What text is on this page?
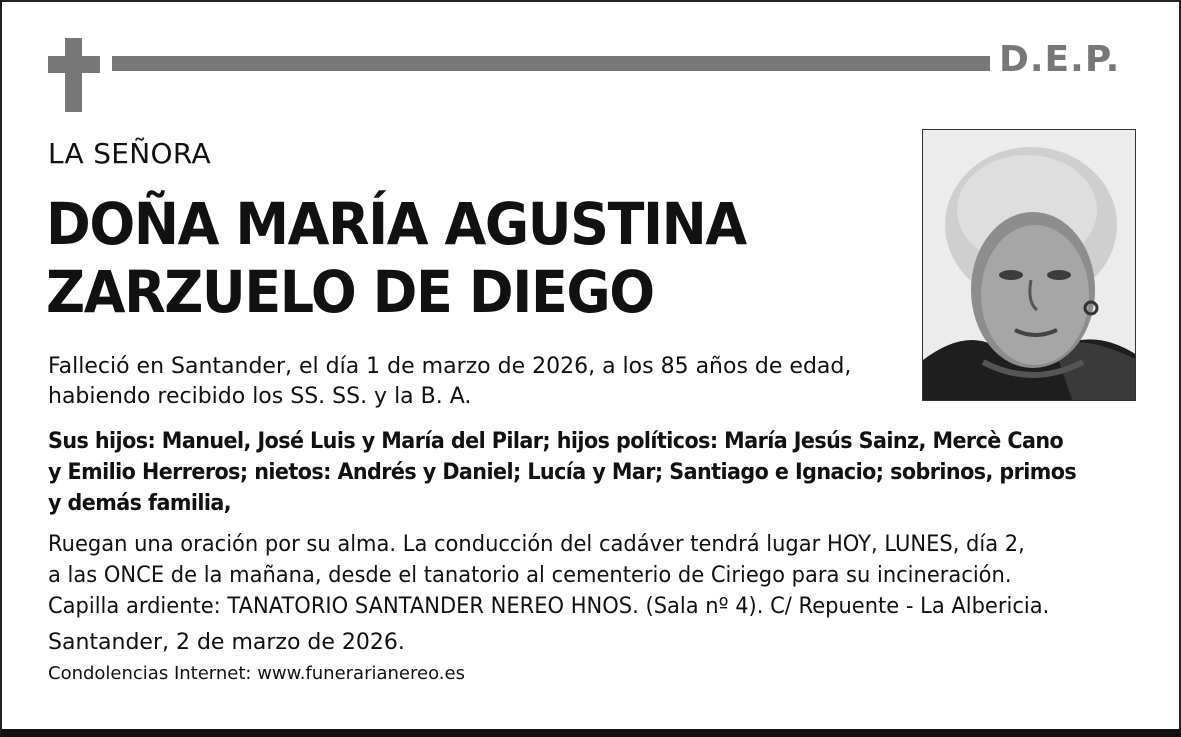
D.E.P.
LA SEÑORA
DOÑA MARÍA AGUSTINA
ZARZUELO DE DIEGO
Falleció en Santander, el día 1 de marzo de 2026, a los 85 años de edad,
habiendo recibido los SS. SS. y la B. A.
Sus hijos: Manuel, José Luis y María del Pilar; hijos políticos: María Jesús Sainz, Mercè Cano
y Emilio Herreros; nietos: Andrés y Daniel; Lucía y Mar; Santiago e Ignacio; sobrinos, primos
y demás familia,
Ruegan una oración por su alma. La conducción del cadáver tendrá lugar HOY, LUNES, día 2,
a las ONCE de la mañana, desde el tanatorio al cementerio de Ciriego para su incineración.
Capilla ardiente: TANATORIO SANTANDER NEREO HNOS. (Sala nº 4). C/ Repuente - La Albericia.
Santander, 2 de marzo de 2026.
Condolencias Internet: www.funerarianereo.es
